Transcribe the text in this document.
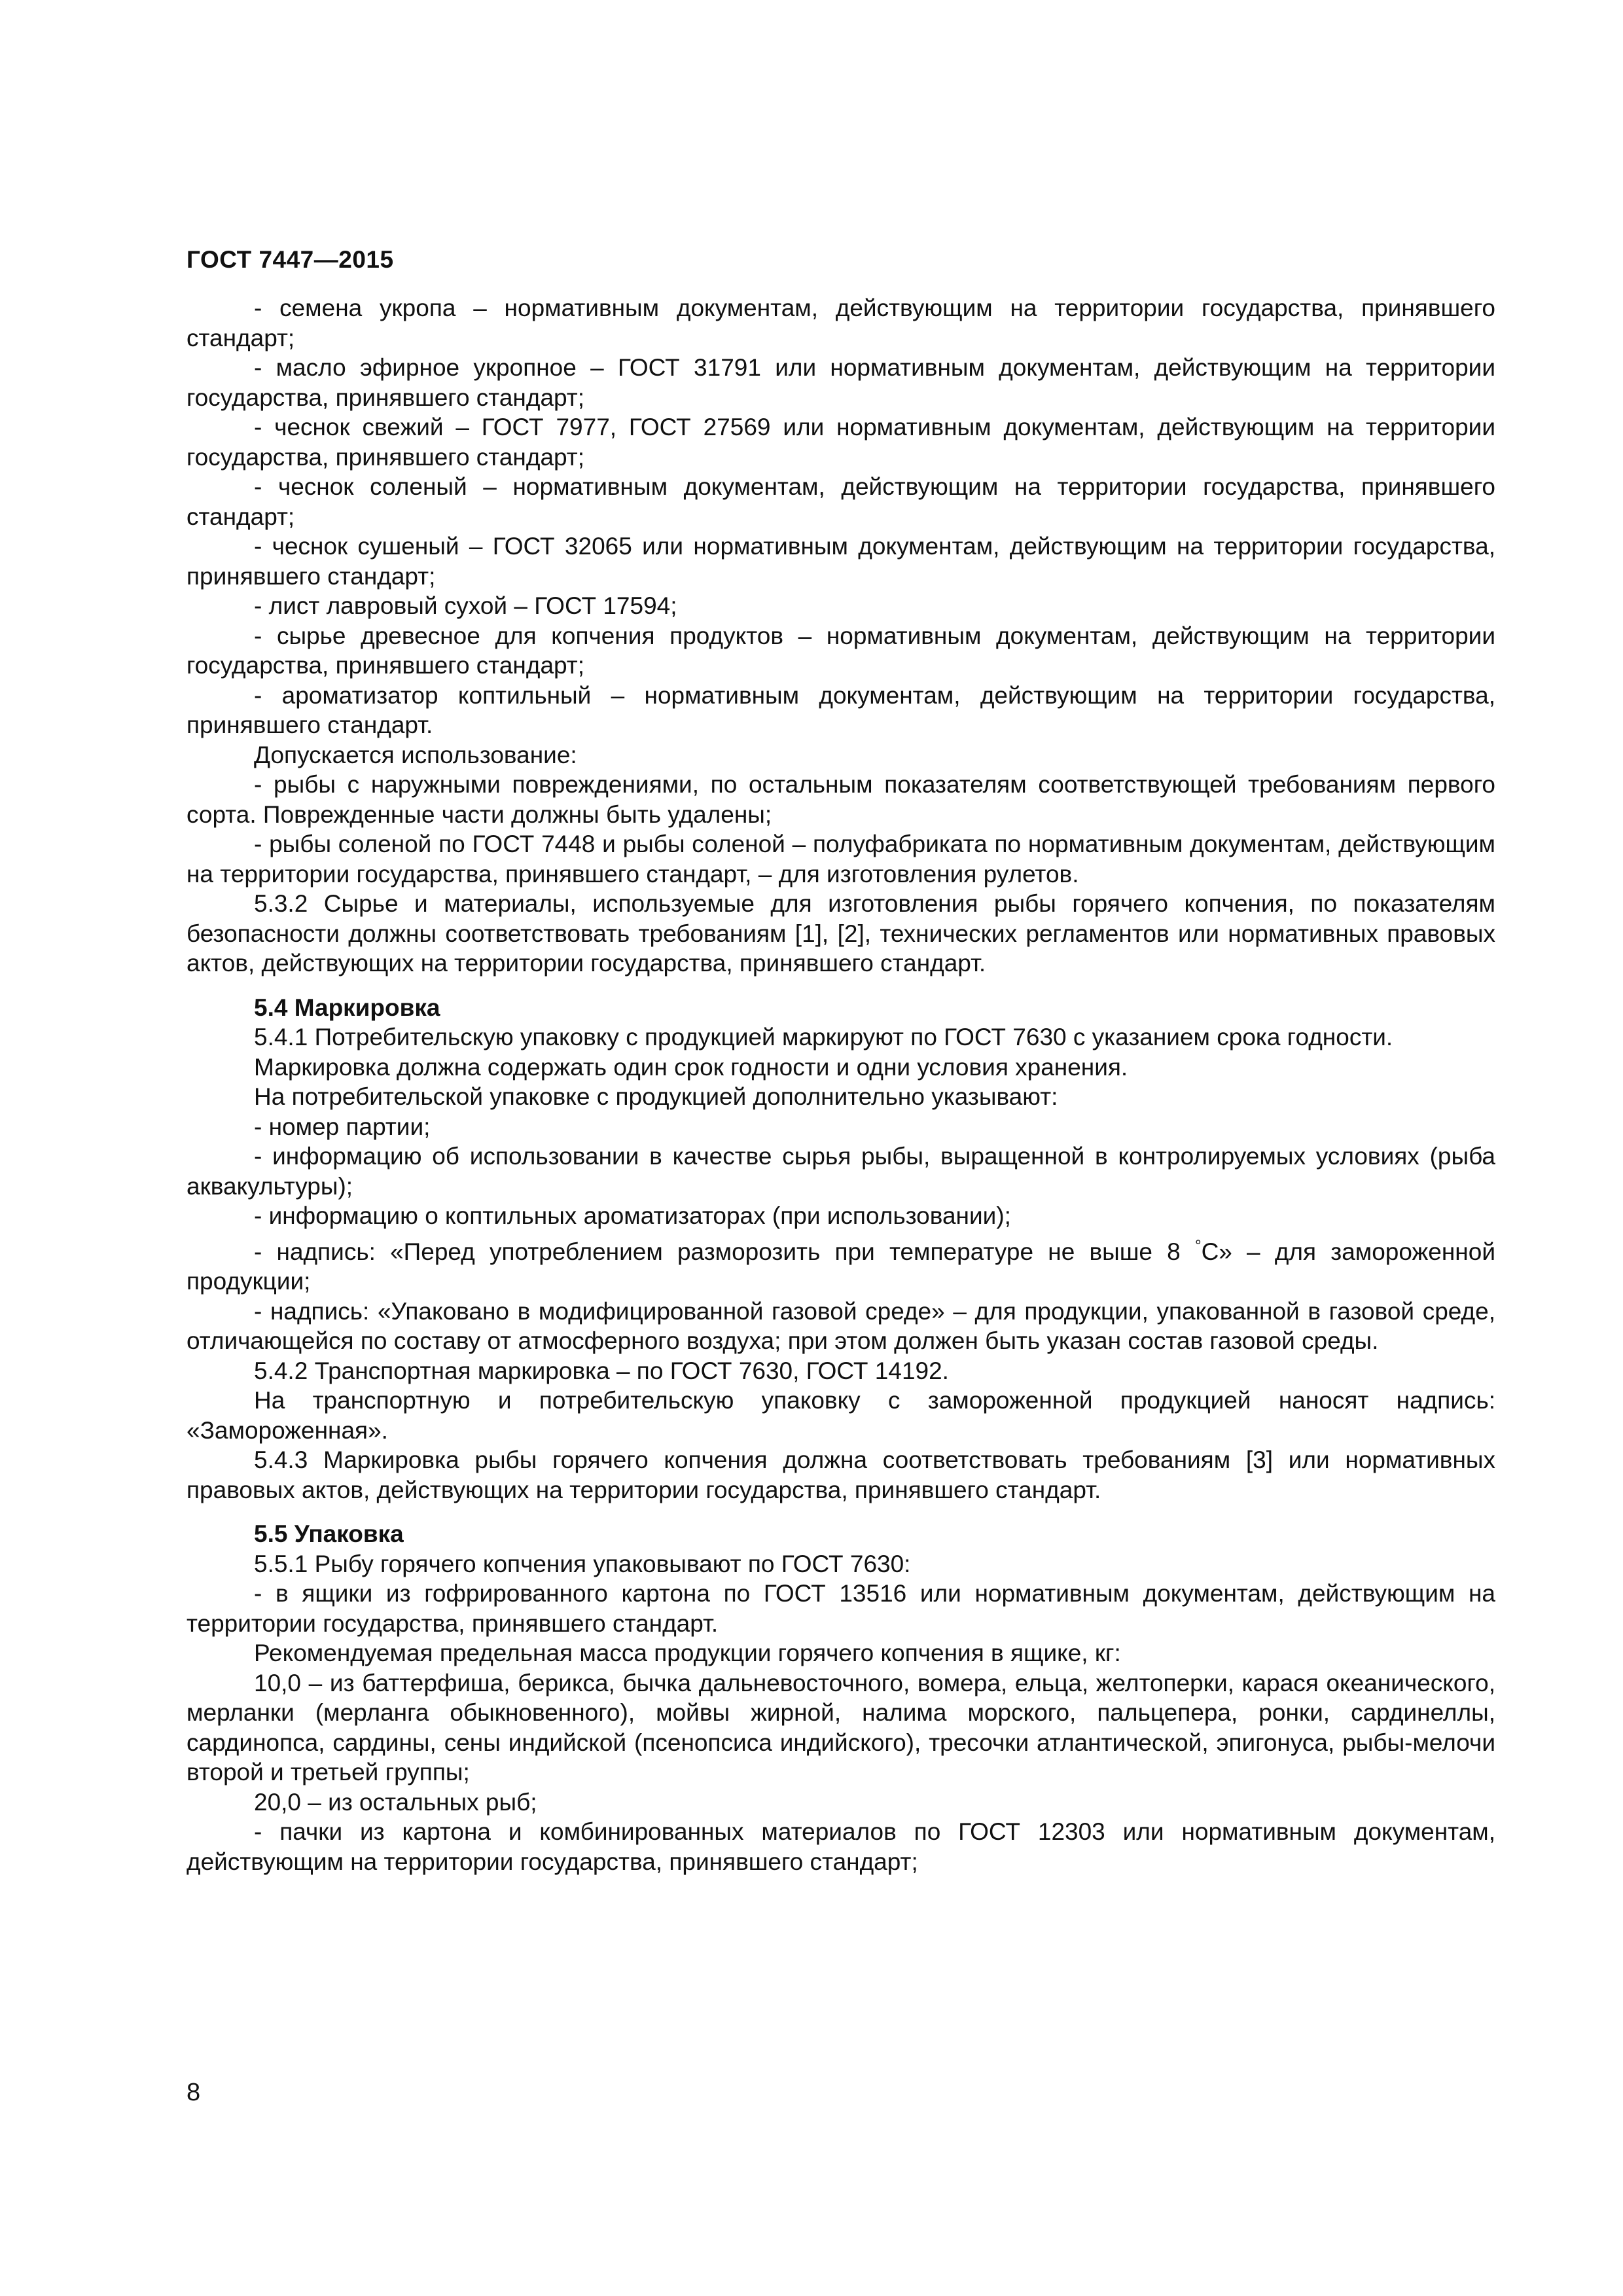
ГОСТ 7447—2015

- семена укропа – нормативным документам, действующим на территории государства, принявшего стандарт;

- масло эфирное укропное – ГОСТ 31791 или нормативным документам, действующим на территории государства, принявшего стандарт;

- чеснок свежий – ГОСТ 7977, ГОСТ 27569 или нормативным документам, действующим на территории государства, принявшего стандарт;

- чеснок соленый – нормативным документам, действующим на территории государства, принявшего стандарт;

- чеснок сушеный – ГОСТ 32065 или нормативным документам, действующим на территории государства, принявшего стандарт;

- лист лавровый сухой – ГОСТ 17594;

- сырье древесное для копчения продуктов – нормативным документам, действующим на территории государства, принявшего стандарт;

- ароматизатор коптильный – нормативным документам, действующим на территории государства, принявшего стандарт.

Допускается использование:

- рыбы с наружными повреждениями, по остальным показателям соответствующей требованиям первого сорта. Поврежденные части должны быть удалены;

- рыбы соленой по ГОСТ 7448 и рыбы соленой – полуфабриката по нормативным документам, действующим на территории государства, принявшего стандарт, – для изготовления рулетов.

5.3.2 Сырье и материалы, используемые для изготовления рыбы горячего копчения, по показателям безопасности должны соответствовать требованиям [1], [2], технических регламентов или нормативных правовых актов, действующих на территории государства, принявшего стандарт.

5.4 Маркировка

5.4.1 Потребительскую упаковку с продукцией маркируют по ГОСТ 7630 с указанием срока годности.

Маркировка должна содержать один срок годности и одни условия хранения.

На потребительской упаковке с продукцией дополнительно указывают:

- номер партии;

- информацию об использовании в качестве сырья рыбы, выращенной в контролируемых условиях (рыба аквакультуры);

- информацию о коптильных ароматизаторах (при использовании);

- надпись: «Перед употреблением разморозить при температуре не выше 8 °С» – для замороженной продукции;

- надпись: «Упаковано в модифицированной газовой среде» – для продукции, упакованной в газовой среде, отличающейся по составу от атмосферного воздуха; при этом должен быть указан состав газовой среды.

5.4.2 Транспортная маркировка – по ГОСТ 7630, ГОСТ 14192.

На транспортную и потребительскую упаковку с замороженной продукцией наносят надпись: «Замороженная».

5.4.3 Маркировка рыбы горячего копчения должна соответствовать требованиям [3] или нормативных правовых актов, действующих на территории государства, принявшего стандарт.

5.5 Упаковка

5.5.1 Рыбу горячего копчения упаковывают по ГОСТ 7630:

- в ящики из гофрированного картона по ГОСТ 13516 или нормативным документам, действующим на территории государства, принявшего стандарт.

Рекомендуемая предельная масса продукции горячего копчения в ящике, кг:

10,0 – из баттерфиша, берикса, бычка дальневосточного, вомера, ельца, желтоперки, карася океанического, мерланки (мерланга обыкновенного), мойвы жирной, налима морского, пальцепера, ронки, сардинеллы, сардинопса, сардины, сены индийской (псенопсиса индийского), тресочки атлантической, эпигонуса, рыбы-мелочи второй и третьей группы;

20,0 – из остальных рыб;

- пачки из картона и комбинированных материалов по ГОСТ 12303 или нормативным документам, действующим на территории государства, принявшего стандарт;

8
